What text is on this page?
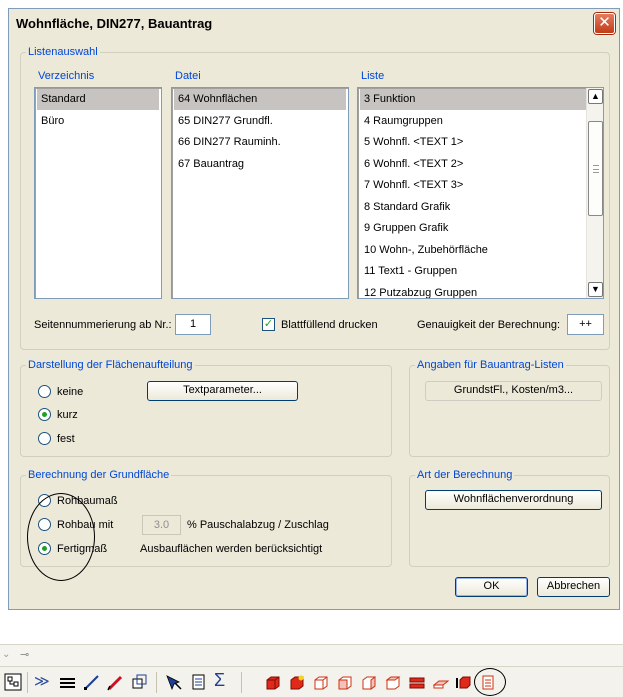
Wohnfläche, DIN277, Bauantrag	✕
Listenauswahl
Verzeichnis	Datei	Liste
Standard
Büro
64 Wohnflächen
65 DIN277 Grundfl.
66 DIN277 Rauminh.
67 Bauantrag
3 Funktion
4 Raumgruppen
5 Wohnfl. <TEXT 1>
6 Wohnfl. <TEXT 2>
7 Wohnfl. <TEXT 3>
8 Standard Grafik
9 Gruppen Grafik
10 Wohn-, Zubehörfläche
11 Text1 - Gruppen
12 Putzabzug Gruppen
▲
▼
Seitennummerierung ab Nr.:	1	✓ Blattfüllend drucken	Genauigkeit der Berechnung:	++
Darstellung der Flächenaufteilung
keine
kurz
fest
Textparameter...
Angaben für Bauantrag-Listen
GrundstFl., Kosten/m3...
Berechnung der Grundfläche
Rohbaumaß
Rohbau mit	3.0	% Pauschalabzug / Zuschlag
Fertigmaß	Ausbauflächen werden berücksichtigt
Art der Berechnung
Wohnflächenverordnung
OK	Abbrechen
⌄ ⊸
≫	Σ
